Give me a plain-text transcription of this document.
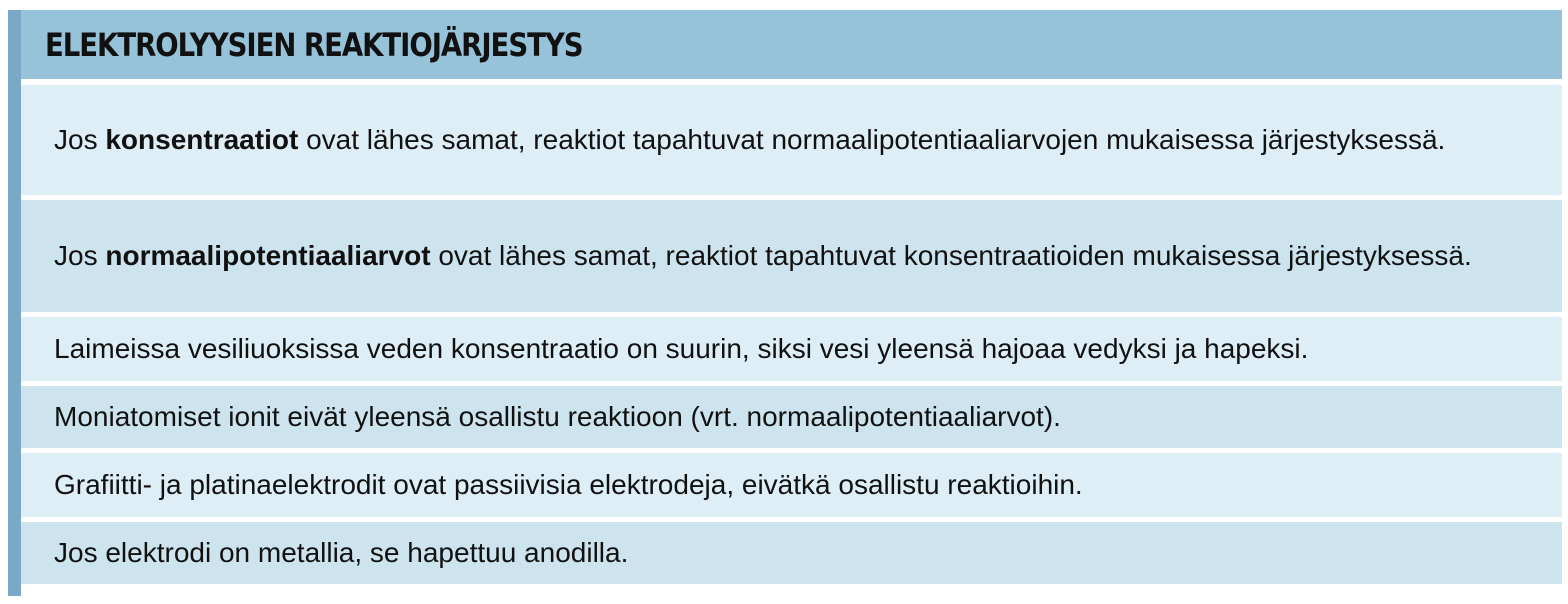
ELEKTROLYYSIEN REAKTIOJÄRJESTYS

Jos konsentraatiot ovat lähes samat, reaktiot tapahtuvat normaalipotentiaaliarvojen mukaisessa järjestyksessä.

Jos normaalipotentiaaliarvot ovat lähes samat, reaktiot tapahtuvat konsentraatioiden mukaisessa järjestyksessä.

Laimeissa vesiliuoksissa veden konsentraatio on suurin, siksi vesi yleensä hajoaa vedyksi ja hapeksi.

Moniatomiset ionit eivät yleensä osallistu reaktioon (vrt. normaalipotentiaaliarvot).

Grafiitti- ja platinaelektrodit ovat passiivisia elektrodeja, eivätkä osallistu reaktioihin.

Jos elektrodi on metallia, se hapettuu anodilla.
